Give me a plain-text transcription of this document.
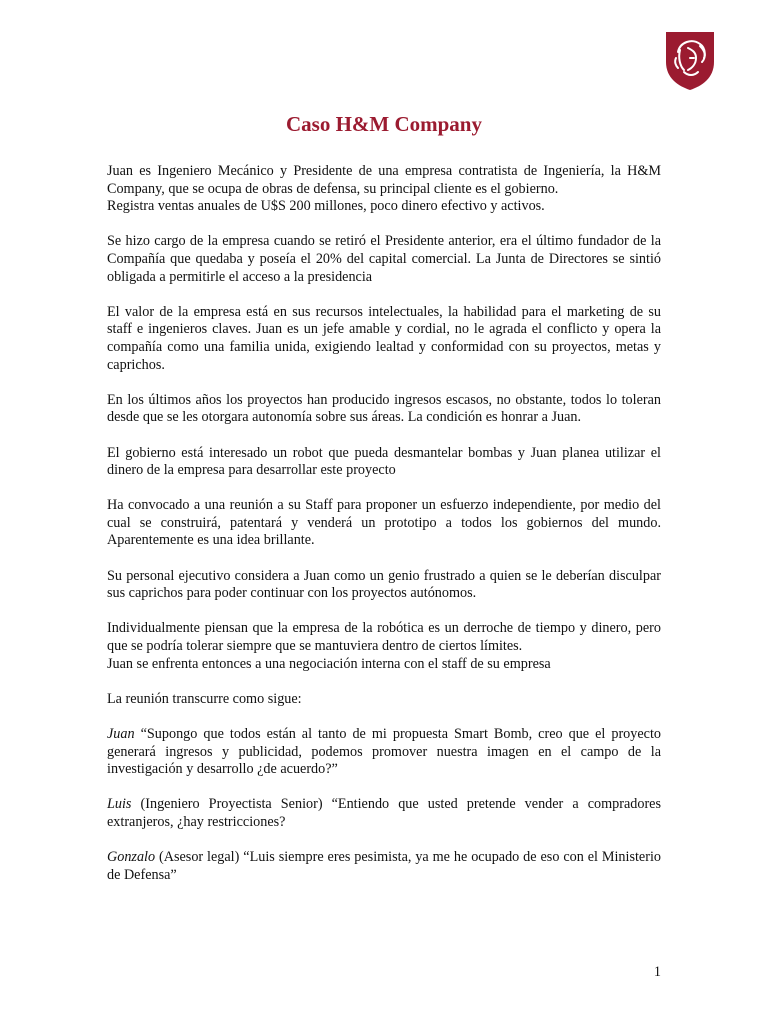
Caso H&M Company

Juan es Ingeniero Mecánico y Presidente de una empresa contratista de Ingeniería, la H&M Company, que se ocupa de obras de defensa, su principal cliente es el gobierno.
Registra ventas anuales de U$S 200 millones, poco dinero efectivo y activos.

Se hizo cargo de la empresa cuando se retiró el Presidente anterior, era el último fundador de la Compañía que quedaba y poseía el 20% del capital comercial. La Junta de Directores se sintió obligada a permitirle el acceso a la presidencia

El valor de la empresa está en sus recursos intelectuales, la habilidad para el marketing de su staff e ingenieros claves. Juan es un jefe amable y cordial, no le agrada el conflicto y opera la compañía como una familia unida, exigiendo lealtad y conformidad con su proyectos, metas y caprichos.

En los últimos años los proyectos han producido ingresos escasos, no obstante, todos lo toleran desde que se les otorgara autonomía sobre sus áreas. La condición es honrar a Juan.

El gobierno está interesado un robot que pueda desmantelar bombas y Juan planea utilizar el dinero de la empresa para desarrollar este proyecto

Ha convocado a una reunión a su Staff para proponer un esfuerzo independiente, por medio del cual se construirá, patentará y venderá un prototipo a todos los gobiernos del mundo. Aparentemente es una idea brillante.

Su personal ejecutivo considera a Juan como un genio frustrado a quien se le deberían disculpar sus caprichos para poder continuar con los proyectos autónomos.

Individualmente piensan que la empresa de la robótica es un derroche de tiempo y dinero, pero que se podría tolerar siempre que se mantuviera dentro de ciertos límites.
Juan se enfrenta entonces a una negociación interna con el staff de su empresa

La reunión transcurre como sigue:

Juan “Supongo que todos están al tanto de mi propuesta Smart Bomb, creo que el proyecto generará ingresos y publicidad, podemos promover nuestra imagen en el campo de la investigación y desarrollo ¿de acuerdo?”

Luis (Ingeniero Proyectista Senior) “Entiendo que usted pretende vender a compradores extranjeros, ¿hay restricciones?

Gonzalo (Asesor legal) “Luis siempre eres pesimista, ya me he ocupado de eso con el Ministerio de Defensa”

1
